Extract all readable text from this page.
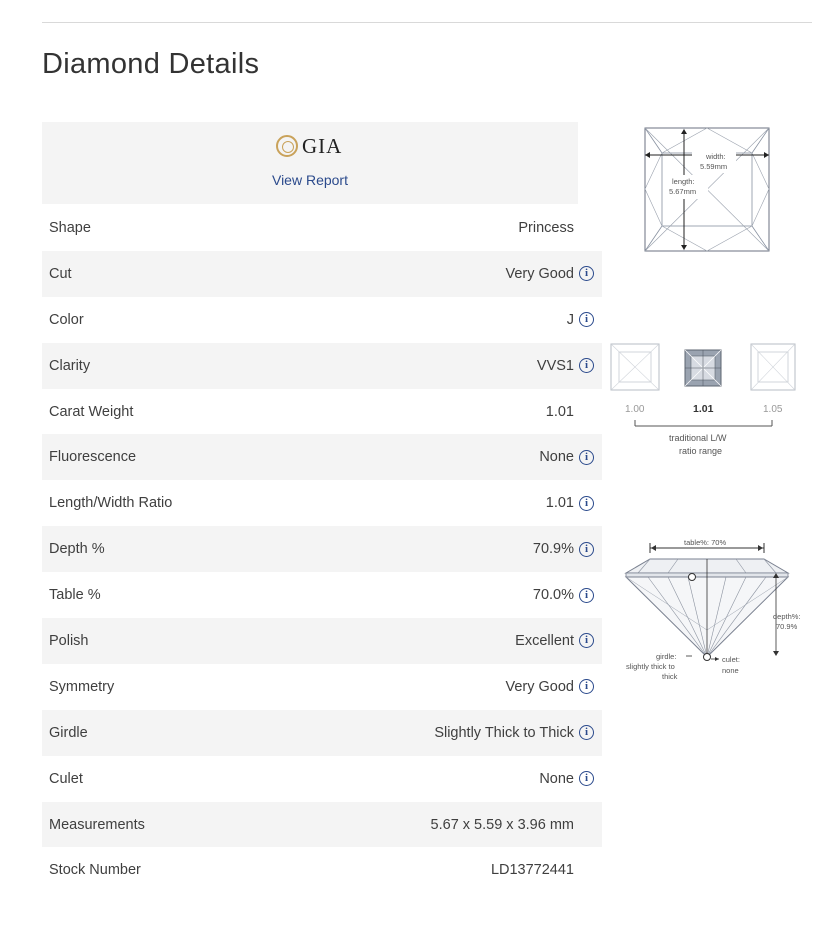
Diamond Details
GIA
View Report
Shape	Princess
Cut	Very Good i
Color	J i
Clarity	VVS1 i
Carat Weight	1.01
Fluorescence	None i
Length/Width Ratio	1.01 i
Depth %	70.9% i
Table %	70.0% i
Polish	Excellent i
Symmetry	Very Good i
Girdle	Slightly Thick to Thick i
Culet	None i
Measurements	5.67 x 5.59 x 3.96 mm
Stock Number	LD13772441
width:
5.59mm
length:
5.67mm
1.00	1.01	1.05
traditional L/W
ratio range
table%: 70%
depth%:
70.9%
girdle:
slightly thick to
thick
culet:
none
